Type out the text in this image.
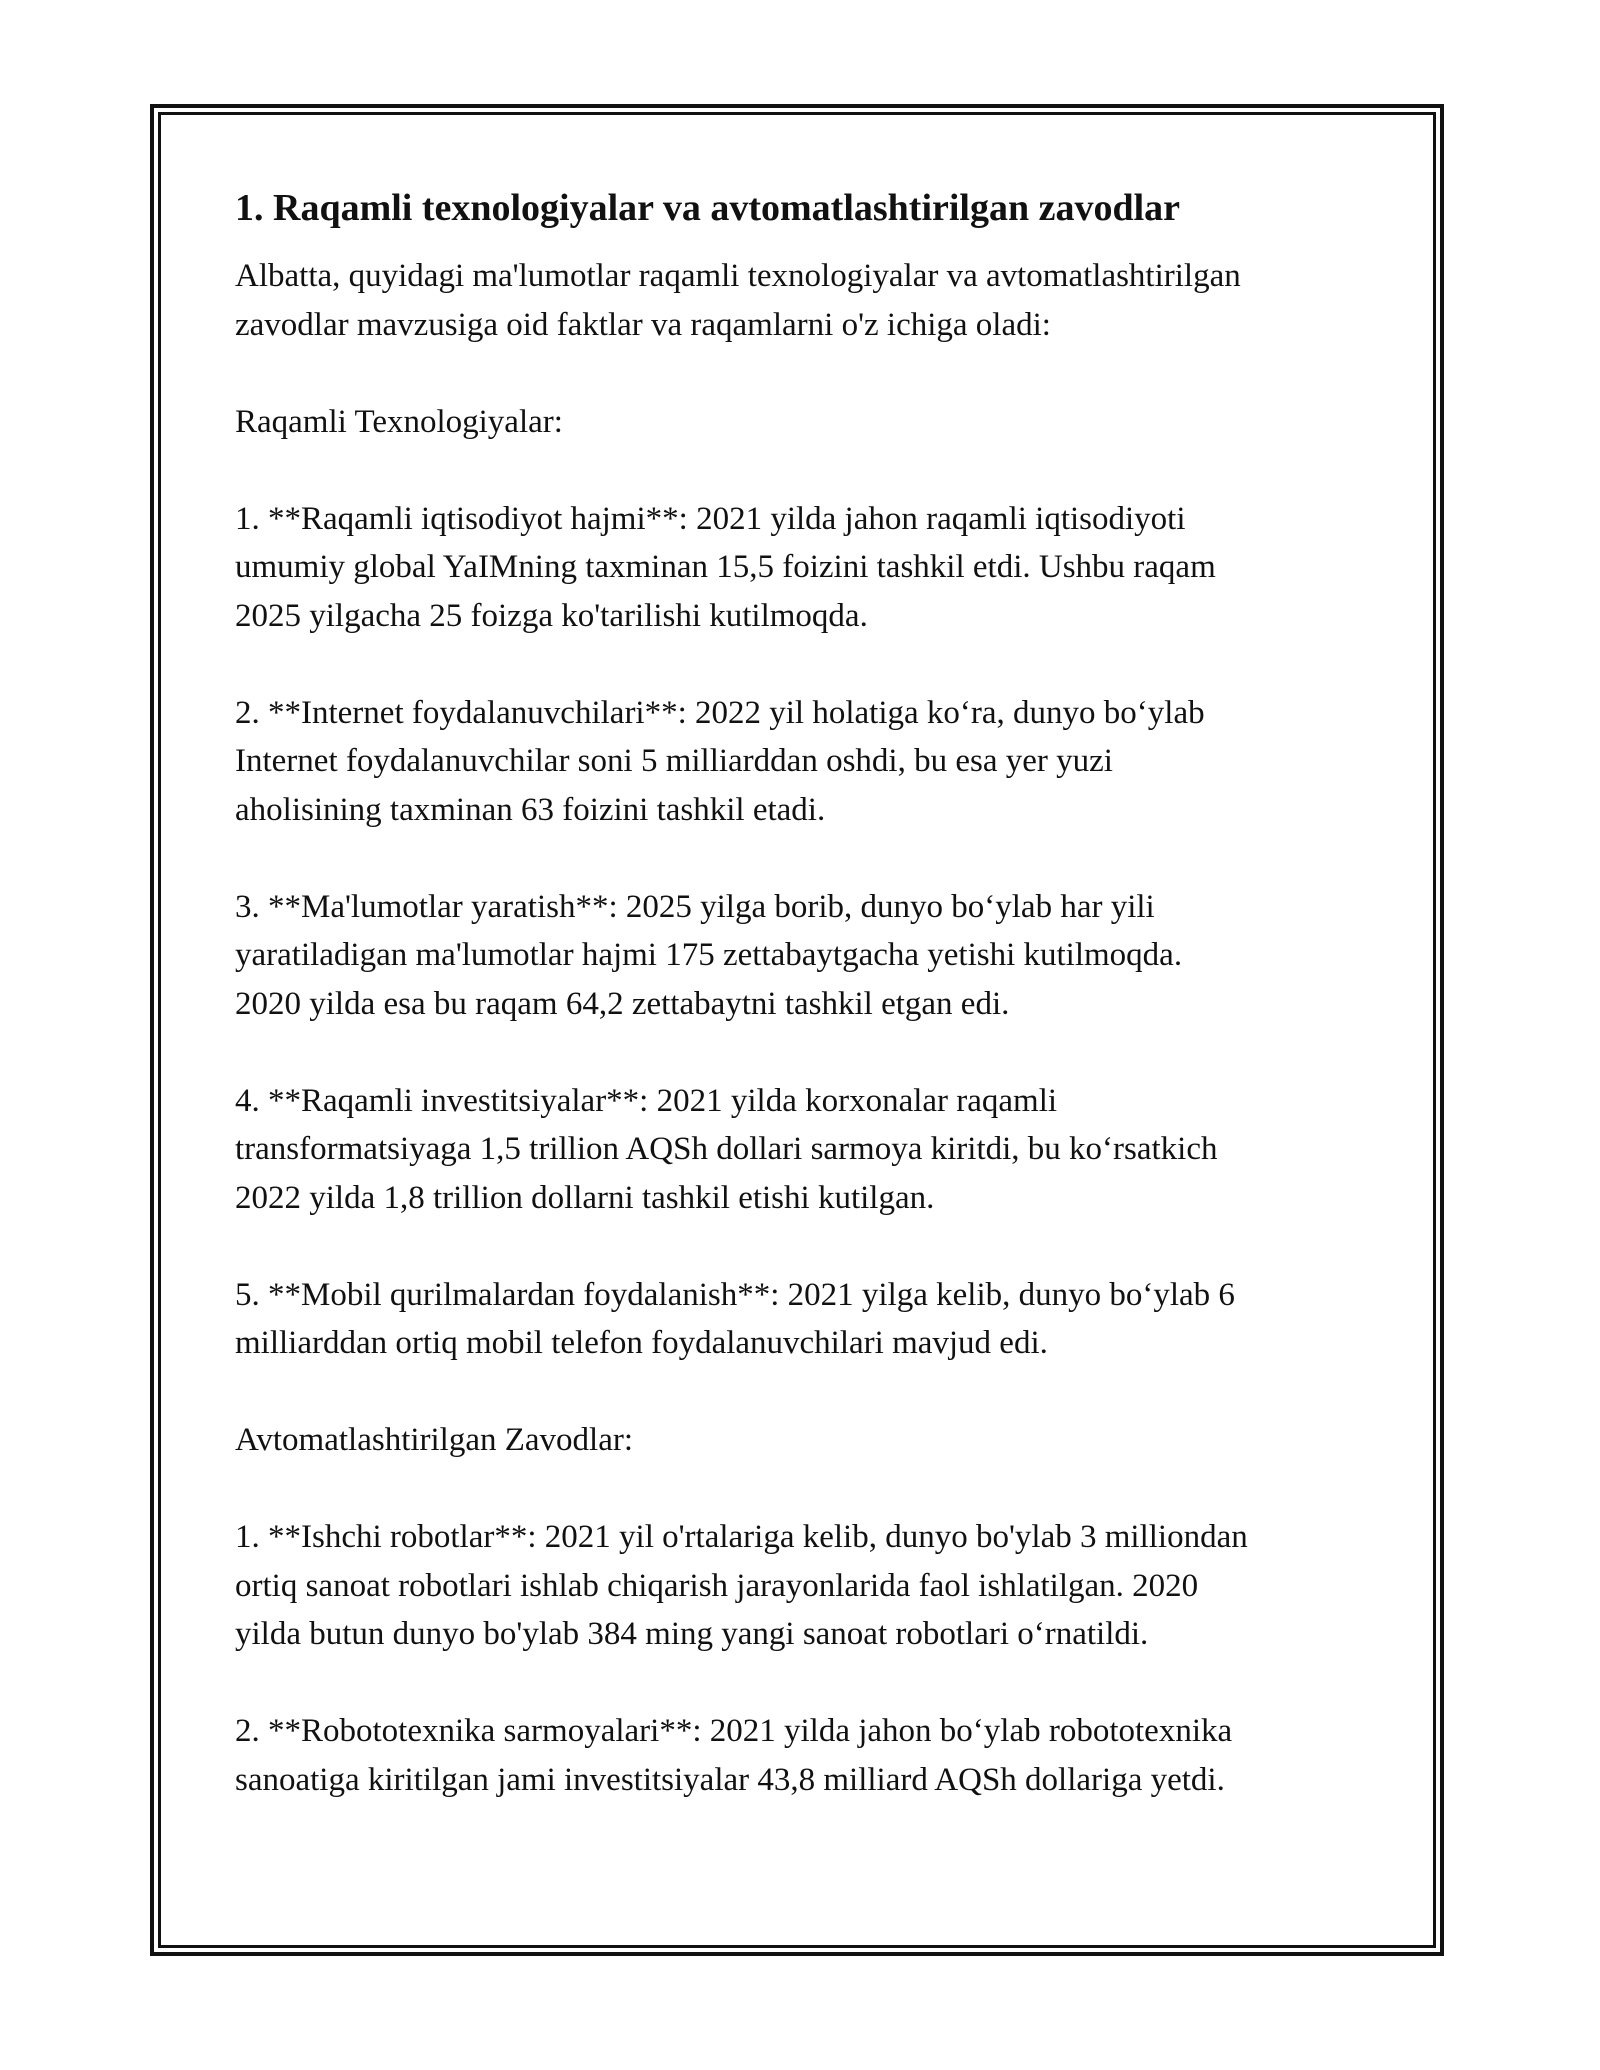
1. Raqamli texnologiyalar va avtomatlashtirilgan zavodlar
Albatta, quyidagi ma'lumotlar raqamli texnologiyalar va avtomatlashtirilgan
zavodlar mavzusiga oid faktlar va raqamlarni o'z ichiga oladi:
Raqamli Texnologiyalar:
1. **Raqamli iqtisodiyot hajmi**: 2021 yilda jahon raqamli iqtisodiyoti
umumiy global YaIMning taxminan 15,5 foizini tashkil etdi. Ushbu raqam
2025 yilgacha 25 foizga ko'tarilishi kutilmoqda.
2. **Internet foydalanuvchilari**: 2022 yil holatiga ko‘ra, dunyo bo‘ylab
Internet foydalanuvchilar soni 5 milliarddan oshdi, bu esa yer yuzi
aholisining taxminan 63 foizini tashkil etadi.
3. **Ma'lumotlar yaratish**: 2025 yilga borib, dunyo bo‘ylab har yili
yaratiladigan ma'lumotlar hajmi 175 zettabaytgacha yetishi kutilmoqda.
2020 yilda esa bu raqam 64,2 zettabaytni tashkil etgan edi.
4. **Raqamli investitsiyalar**: 2021 yilda korxonalar raqamli
transformatsiyaga 1,5 trillion AQSh dollari sarmoya kiritdi, bu ko‘rsatkich
2022 yilda 1,8 trillion dollarni tashkil etishi kutilgan.
5. **Mobil qurilmalardan foydalanish**: 2021 yilga kelib, dunyo bo‘ylab 6
milliarddan ortiq mobil telefon foydalanuvchilari mavjud edi.
Avtomatlashtirilgan Zavodlar:
1. **Ishchi robotlar**: 2021 yil o'rtalariga kelib, dunyo bo'ylab 3 milliondan
ortiq sanoat robotlari ishlab chiqarish jarayonlarida faol ishlatilgan. 2020
yilda butun dunyo bo'ylab 384 ming yangi sanoat robotlari o‘rnatildi.
2. **Robototexnika sarmoyalari**: 2021 yilda jahon bo‘ylab robototexnika
sanoatiga kiritilgan jami investitsiyalar 43,8 milliard AQSh dollariga yetdi.
